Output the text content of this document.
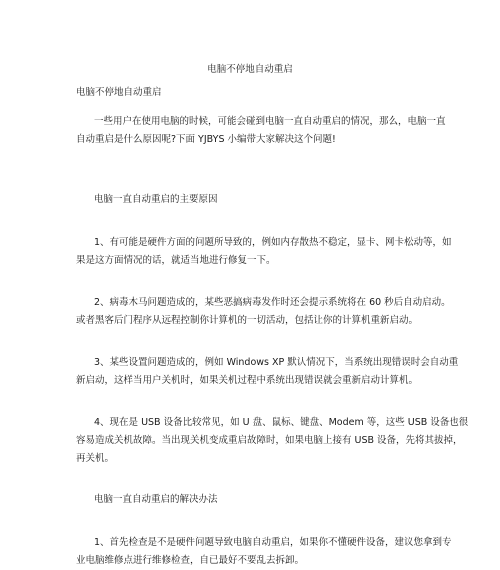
电脑不停地自动重启
电脑不停地自动重启
一些用户在使用电脑的时候，可能会碰到电脑一直自动重启的情况，那么，电脑一直
自动重启是什么原因呢?下面 YJBYS 小编带大家解决这个问题!
电脑一直自动重启的主要原因
1、有可能是硬件方面的问题所导致的，例如内存散热不稳定，显卡、网卡松动等，如
果是这方面情况的话，就适当地进行修复一下。
2、病毒木马问题造成的，某些恶搞病毒发作时还会提示系统将在 60 秒后自动启动。
或者黑客后门程序从远程控制你计算机的一切活动，包括让你的计算机重新启动。
3、某些设置问题造成的，例如 Windows XP 默认情况下，当系统出现错误时会自动重
新启动，这样当用户关机时，如果关机过程中系统出现错误就会重新启动计算机。
4、现在是 USB 设备比较常见，如 U 盘、鼠标、键盘、Modem 等，这些 USB 设备也很
容易造成关机故障。当出现关机变成重启故障时，如果电脑上接有 USB 设备，先将其拔掉，
再关机。
电脑一直自动重启的解决办法
1、首先检查是不是硬件问题导致电脑自动重启，如果你不懂硬件设备，建议您拿到专
业电脑维修点进行维修检查，自已最好不要乱去拆卸。
